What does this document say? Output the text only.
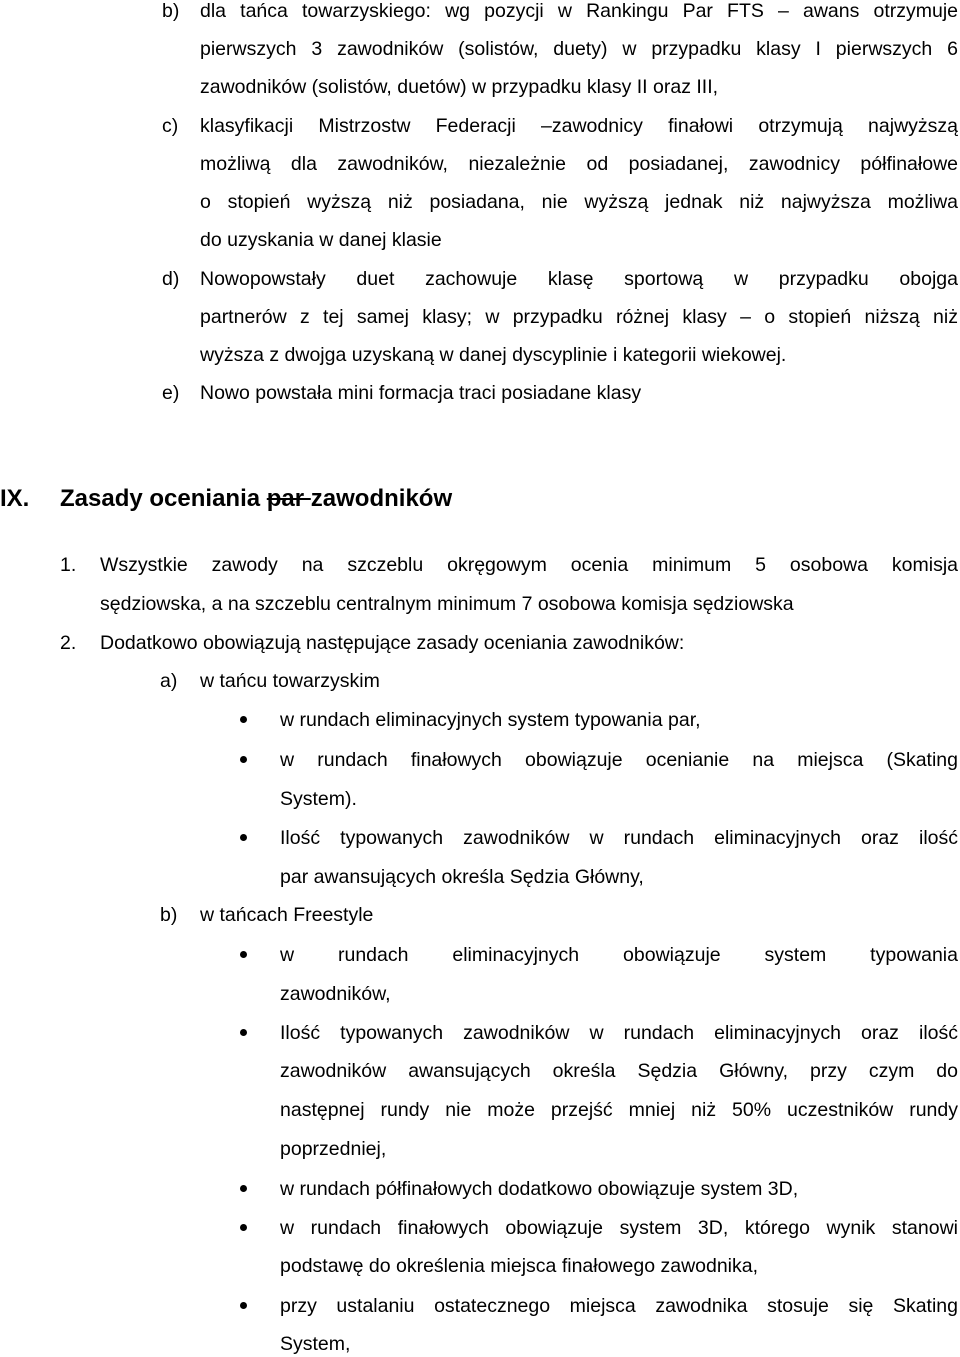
b) dla tańca towarzyskiego: wg pozycji w Rankingu Par FTS – awans otrzymuje
pierwszych 3 zawodników (solistów, duety) w przypadku klasy I pierwszych 6
zawodników (solistów, duetów) w przypadku klasy II oraz III,
c) klasyfikacji Mistrzostw Federacji –zawodnicy finałowi otrzymują najwyższą
możliwą dla zawodników, niezależnie od posiadanej, zawodnicy półfinałowe
o stopień wyższą niż posiadana, nie wyższą jednak niż najwyższa możliwa
do uzyskania w danej klasie
d) Nowopowstały duet zachowuje klasę sportową w przypadku obojga
partnerów z tej samej klasy; w przypadku różnej klasy – o stopień niższą niż
wyższa z dwojga uzyskaną w danej dyscyplinie i kategorii wiekowej.
e) Nowo powstała mini formacja traci posiadane klasy
IX. Zasady oceniania par zawodników
1. Wszystkie zawody na szczeblu okręgowym ocenia minimum 5 osobowa komisja
sędziowska, a na szczeblu centralnym minimum 7 osobowa komisja sędziowska
2. Dodatkowo obowiązują następujące zasady oceniania zawodników:
a) w tańcu towarzyskim
w rundach eliminacyjnych system typowania par,
w rundach finałowych obowiązuje ocenianie na miejsca (Skating
System).
Ilość typowanych zawodników w rundach eliminacyjnych oraz ilość
par awansujących określa Sędzia Główny,
b) w tańcach Freestyle
w rundach eliminacyjnych obowiązuje system typowania
zawodników,
Ilość typowanych zawodników w rundach eliminacyjnych oraz ilość
zawodników awansujących określa Sędzia Główny, przy czym do
następnej rundy nie może przejść mniej niż 50% uczestników rundy
poprzedniej,
w rundach półfinałowych dodatkowo obowiązuje system 3D,
w rundach finałowych obowiązuje system 3D, którego wynik stanowi
podstawę do określenia miejsca finałowego zawodnika,
przy ustalaniu ostatecznego miejsca zawodnika stosuje się Skating
System,
